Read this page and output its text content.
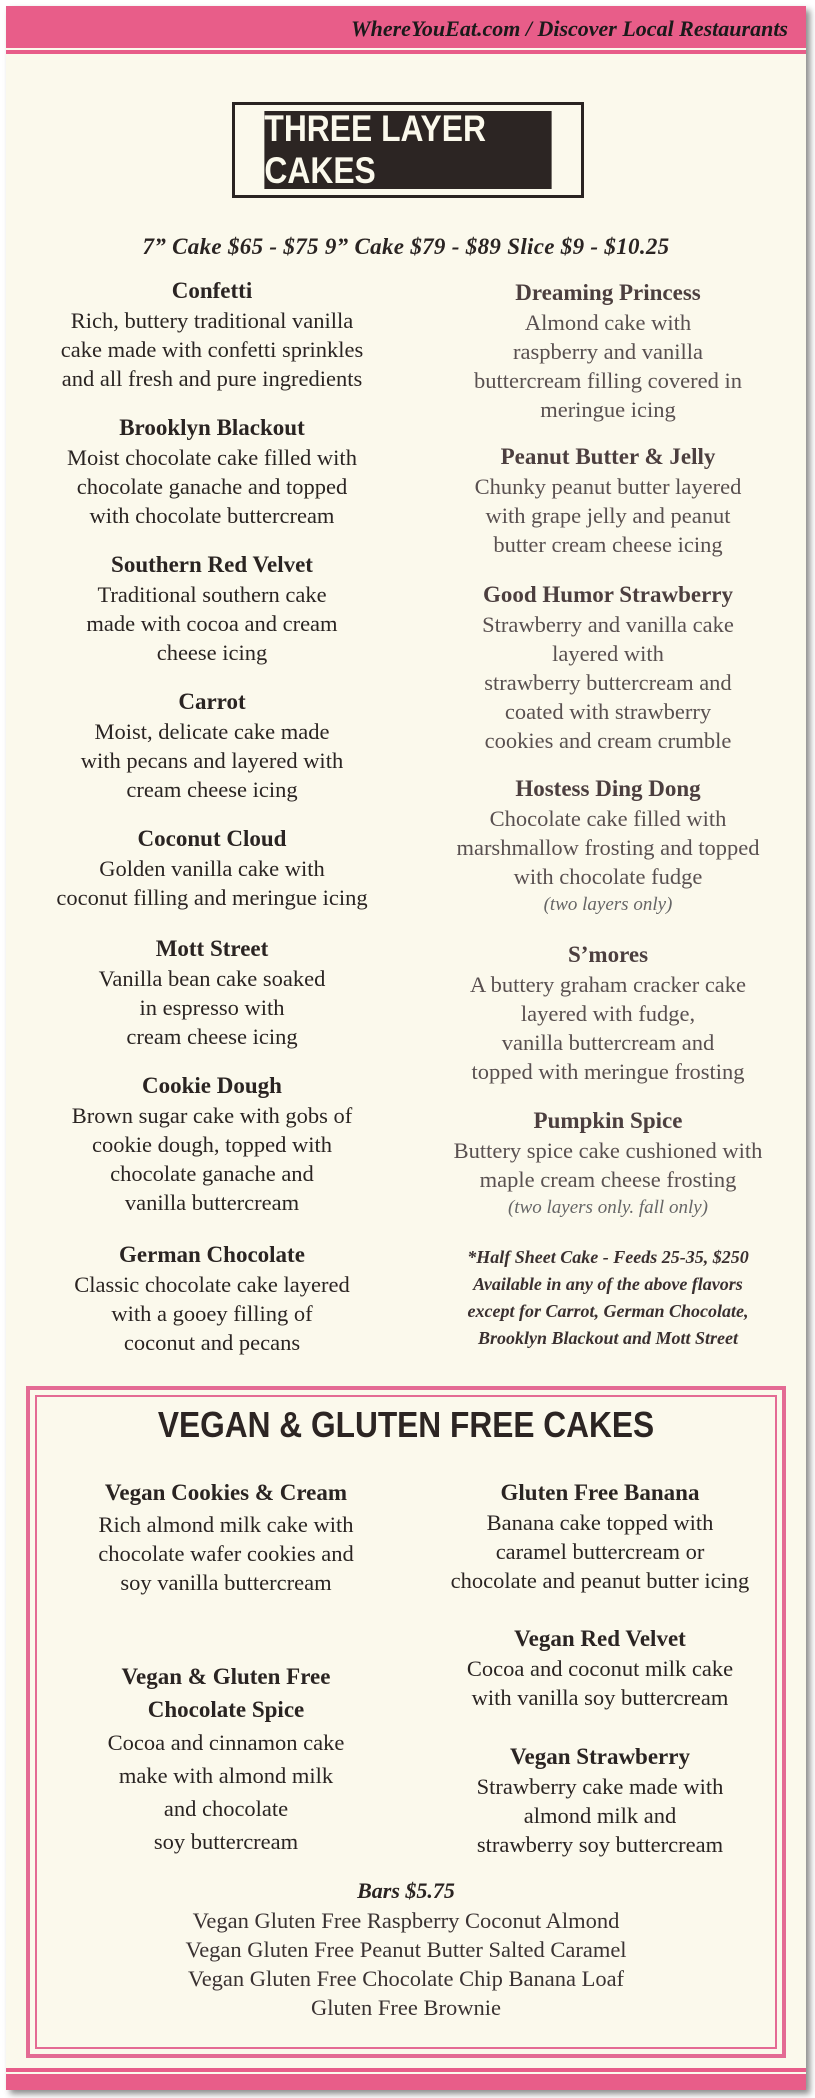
WhereYouEat.com / Discover Local Restaurants
THREE LAYER CAKES
7” Cake $65 - $75 9” Cake $79 - $89 Slice $9 - $10.25
Confetti
Rich, buttery traditional vanilla
cake made with confetti sprinkles
and all fresh and pure ingredients
Brooklyn Blackout
Moist chocolate cake filled with
chocolate ganache and topped
with chocolate buttercream
Southern Red Velvet
Traditional southern cake
made with cocoa and cream
cheese icing
Carrot
Moist, delicate cake made
with pecans and layered with
cream cheese icing
Coconut Cloud
Golden vanilla cake with
coconut filling and meringue icing
Mott Street
Vanilla bean cake soaked
in espresso with
cream cheese icing
Cookie Dough
Brown sugar cake with gobs of
cookie dough, topped with
chocolate ganache and
vanilla buttercream
German Chocolate
Classic chocolate cake layered
with a gooey filling of
coconut and pecans
Dreaming Princess
Almond cake with
raspberry and vanilla
buttercream filling covered in
meringue icing
Peanut Butter & Jelly
Chunky peanut butter layered
with grape jelly and peanut
butter cream cheese icing
Good Humor Strawberry
Strawberry and vanilla cake
layered with
strawberry buttercream and
coated with strawberry
cookies and cream crumble
Hostess Ding Dong
Chocolate cake filled with
marshmallow frosting and topped
with chocolate fudge
(two layers only)
S’mores
A buttery graham cracker cake
layered with fudge,
vanilla buttercream and
topped with meringue frosting
Pumpkin Spice
Buttery spice cake cushioned with
maple cream cheese frosting
(two layers only. fall only)
*Half Sheet Cake - Feeds 25-35, $250
Available in any of the above flavors
except for Carrot, German Chocolate,
Brooklyn Blackout and Mott Street
VEGAN & GLUTEN FREE CAKES
Vegan Cookies & Cream
Rich almond milk cake with
chocolate wafer cookies and
soy vanilla buttercream
Vegan & Gluten Free
Chocolate Spice
Cocoa and cinnamon cake
make with almond milk
and chocolate
soy buttercream
Gluten Free Banana
Banana cake topped with
caramel buttercream or
chocolate and peanut butter icing
Vegan Red Velvet
Cocoa and coconut milk cake
with vanilla soy buttercream
Vegan Strawberry
Strawberry cake made with
almond milk and
strawberry soy buttercream
Bars $5.75
Vegan Gluten Free Raspberry Coconut Almond
Vegan Gluten Free Peanut Butter Salted Caramel
Vegan Gluten Free Chocolate Chip Banana Loaf
Gluten Free Brownie
